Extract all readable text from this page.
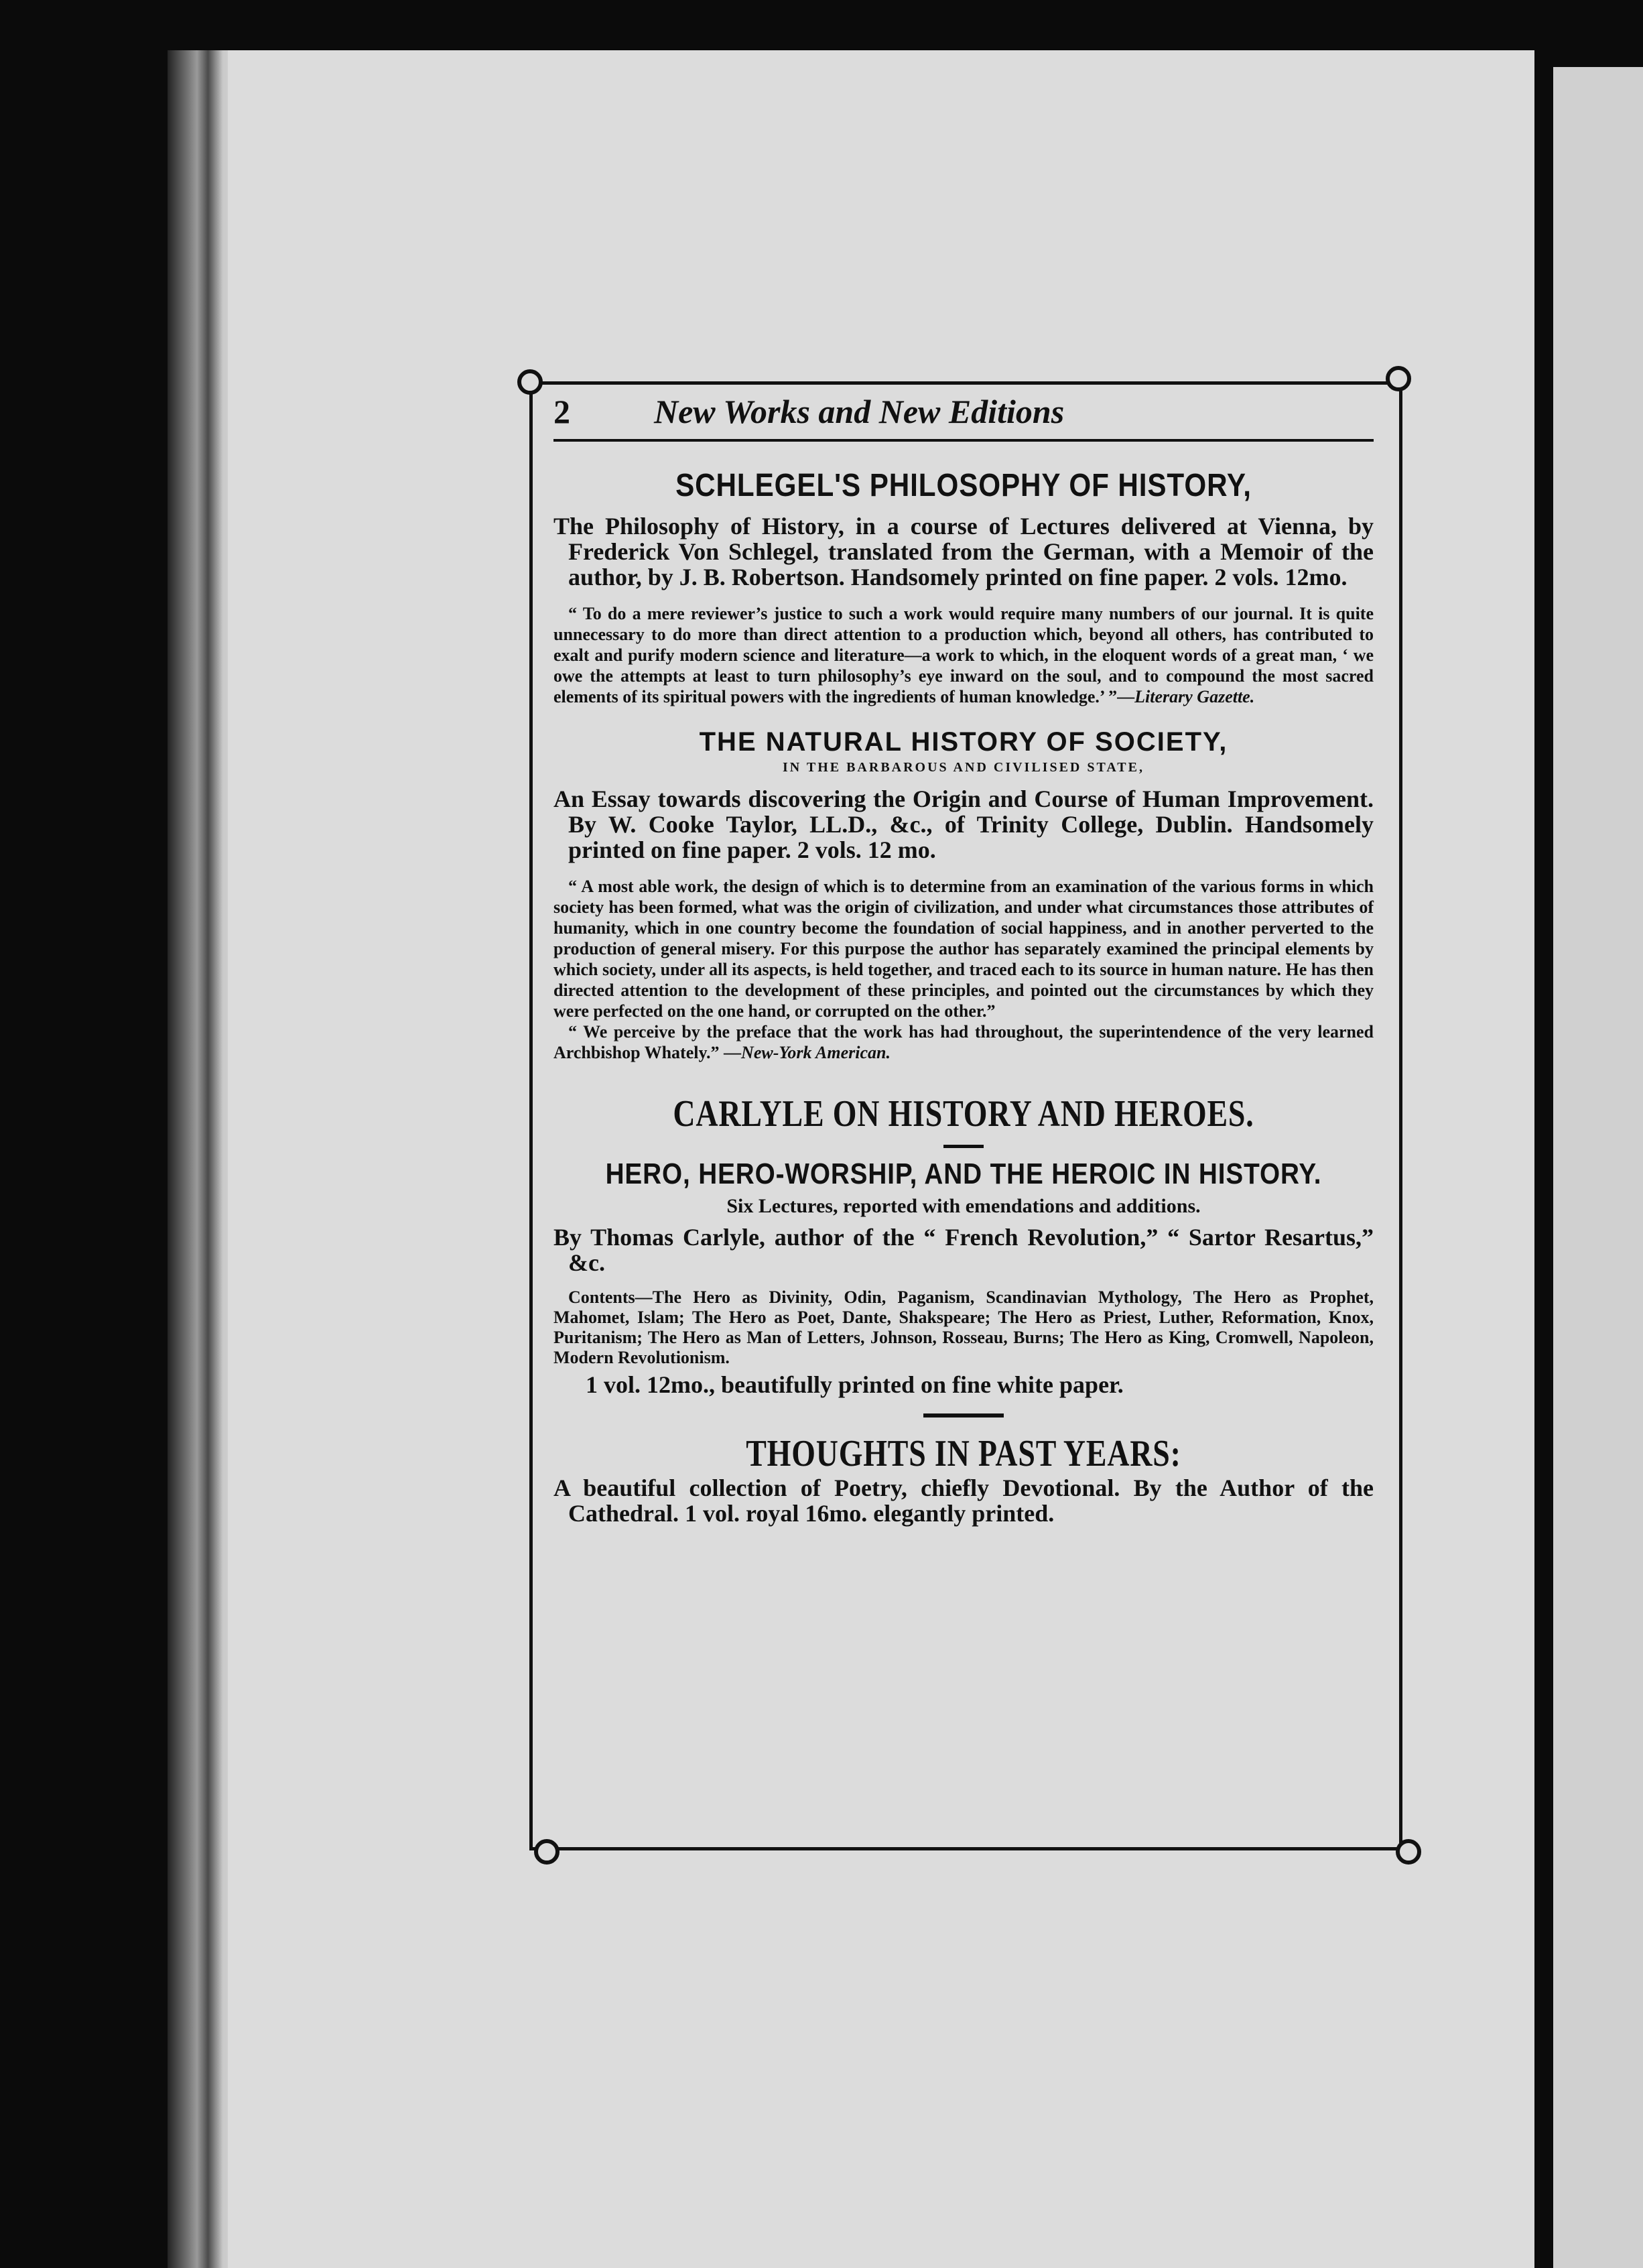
2	New Works and New Editions
SCHLEGEL'S PHILOSOPHY OF HISTORY,
The Philosophy of History, in a course of Lectures delivered at Vienna, by Frederick Von Schlegel, translated from the German, with a Memoir of the author, by J. B. Robertson. Handsomely printed on fine paper. 2 vols. 12mo.
“ To do a mere reviewer’s justice to such a work would require many numbers of our journal. It is quite unnecessary to do more than direct attention to a production which, beyond all others, has contributed to exalt and purify modern science and literature—a work to which, in the eloquent words of a great man, ‘ we owe the attempts at least to turn philosophy’s eye inward on the soul, and to compound the most sacred elements of its spiritual powers with the ingredients of human knowledge.’ ”—Literary Gazette.
THE NATURAL HISTORY OF SOCIETY,
IN THE BARBAROUS AND CIVILISED STATE,
An Essay towards discovering the Origin and Course of Human Improvement. By W. Cooke Taylor, LL.D., &c., of Trinity College, Dublin. Handsomely printed on fine paper. 2 vols. 12 mo.
“ A most able work, the design of which is to determine from an examination of the various forms in which society has been formed, what was the origin of civilization, and under what circumstances those attributes of humanity, which in one country become the foundation of social happiness, and in another perverted to the production of general misery. For this purpose the author has separately examined the principal elements by which society, under all its aspects, is held together, and traced each to its source in human nature. He has then directed attention to the development of these principles, and pointed out the circumstances by which they were perfected on the one hand, or corrupted on the other.”
“ We perceive by the preface that the work has had throughout, the superintendence of the very learned Archbishop Whately.” —New-York American.
CARLYLE ON HISTORY AND HEROES.
HERO, HERO-WORSHIP, AND THE HEROIC IN HISTORY.
Six Lectures, reported with emendations and additions.
By Thomas Carlyle, author of the “ French Revolution,” “ Sartor Resartus,” &c.
Contents—The Hero as Divinity, Odin, Paganism, Scandinavian Mythology, The Hero as Prophet, Mahomet, Islam; The Hero as Poet, Dante, Shakspeare; The Hero as Priest, Luther, Reformation, Knox, Puritanism; The Hero as Man of Letters, Johnson, Rosseau, Burns; The Hero as King, Cromwell, Napoleon, Modern Revolutionism.
1 vol. 12mo., beautifully printed on fine white paper.
THOUGHTS IN PAST YEARS:
A beautiful collection of Poetry, chiefly Devotional. By the Author of the Cathedral. 1 vol. royal 16mo. elegantly printed.
